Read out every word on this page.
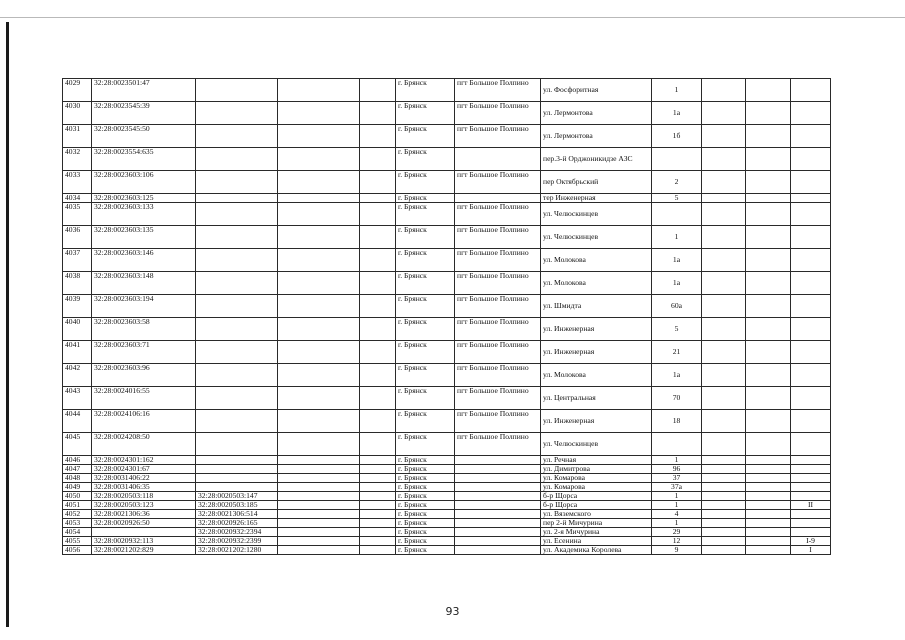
4029	32:28:0023501:47				г. Брянск	пгт Большое Полпино	ул. Фосфоритная	1			
4030	32:28:0023545:39				г. Брянск	пгт Большое Полпино	ул. Лермонтова	1а			
4031	32:28:0023545:50				г. Брянск	пгт Большое Полпино	ул. Лермонтова	1б			
4032	32:28:0023554:635				г. Брянск		пер.3-й Орджоникидзе АЗС				
4033	32:28:0023603:106				г. Брянск	пгт Большое Полпино	пер Октябрьский	2			
4034	32:28:0023603:125				г. Брянск		тер Инженерная	5			
4035	32:28:0023603:133				г. Брянск	пгт Большое Полпино	ул. Челюскинцев				
4036	32:28:0023603:135				г. Брянск	пгт Большое Полпино	ул. Челюскинцев	1			
4037	32:28:0023603:146				г. Брянск	пгт Большое Полпино	ул. Молокова	1а			
4038	32:28:0023603:148				г. Брянск	пгт Большое Полпино	ул. Молокова	1а			
4039	32:28:0023603:194				г. Брянск	пгт Большое Полпино	ул. Шмидта	60а			
4040	32:28:0023603:58				г. Брянск	пгт Большое Полпино	ул. Инженерная	5			
4041	32:28:0023603:71				г. Брянск	пгт Большое Полпино	ул. Инженерная	21			
4042	32:28:0023603:96				г. Брянск	пгт Большое Полпино	ул. Молокова	1а			
4043	32:28:0024016:55				г. Брянск	пгт Большое Полпино	ул. Центральная	70			
4044	32:28:0024106:16				г. Брянск	пгт Большое Полпино	ул. Инженерная	18			
4045	32:28:0024208:50				г. Брянск	пгт Большое Полпино	ул. Челюскинцев				
4046	32:28:0024301:162				г. Брянск		ул. Речная	1			
4047	32:28:0024301:67				г. Брянск		ул. Димитрова	96			
4048	32:28:0031406:22				г. Брянск		ул. Комарова	37			
4049	32:28:0031406:35				г. Брянск		ул. Комарова	37а			
4050	32:28:0020503:118	32:28:0020503:147			г. Брянск		б-р Щорса	1			
4051	32:28:0020503:123	32:28:0020503:185			г. Брянск		б-р Щорса	1			II
4052	32:28:0021306:36	32:28:0021306:514			г. Брянск		ул. Вяземского	4			
4053	32:28:0020926:50	32:28:0020926:165			г. Брянск		пер 2-й Мичурина	1			
4054		32:28:0020932:2394			г. Брянск		ул. 2-я Мичурина	29			
4055	32:28:0020932:113	32:28:0020932:2399			г. Брянск		ул. Есенина	12			I-9
4056	32:28:0021202:829	32:28:0021202:1280			г. Брянск		ул. Академика Королева	9			I
93
